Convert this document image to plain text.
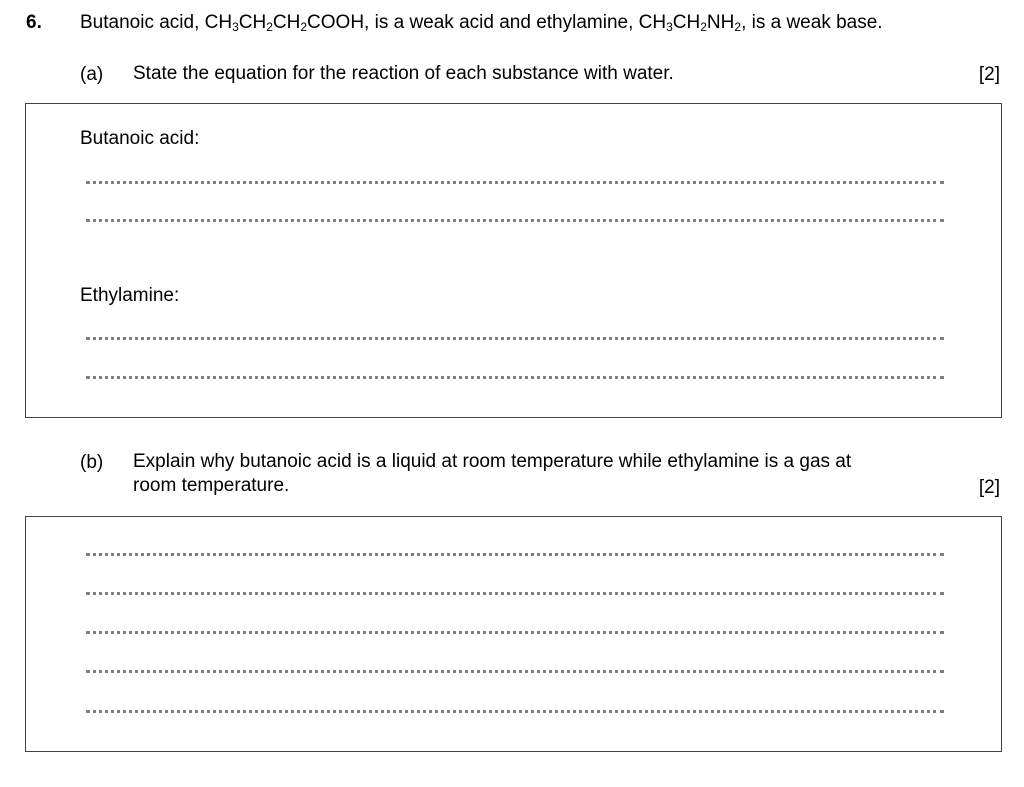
6. Butanoic acid, $CH_3CH_2CH_2COOH$, is a weak acid and ethylamine, $CH_3CH_2NH_2$, is a weak base.
(a) State the equation for the reaction of each substance with water.	[2]
Butanoic acid:
Ethylamine:
(b) Explain why butanoic acid is a liquid at room temperature while ethylamine is a gas at
room temperature.	[2]
